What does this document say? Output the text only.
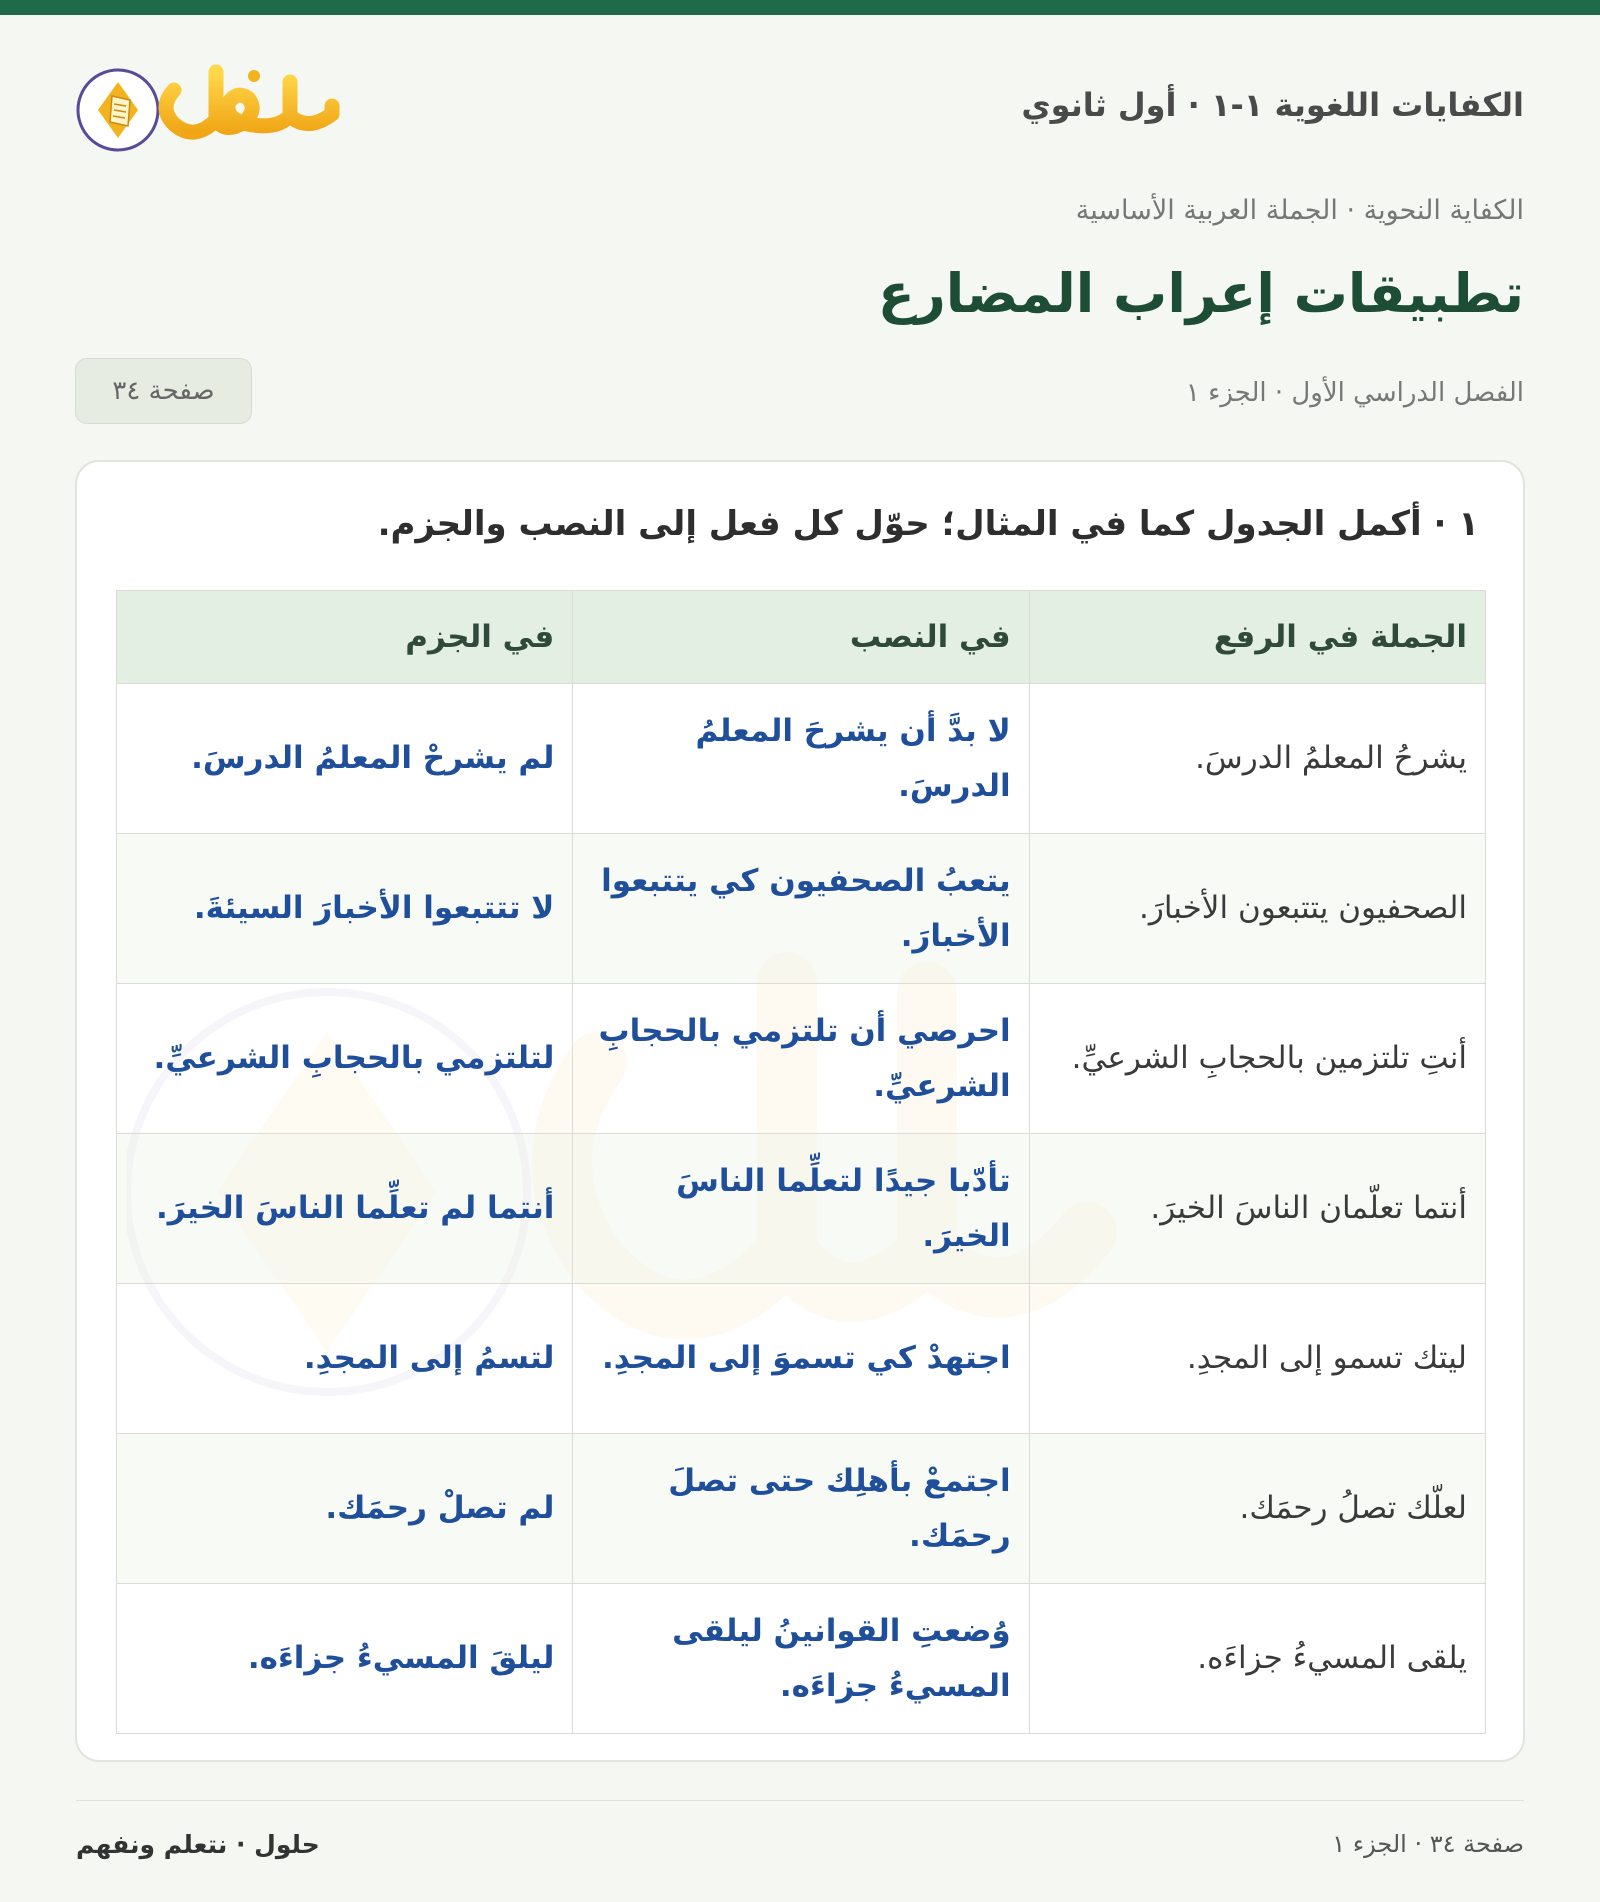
الكفايات اللغوية ١-١ · أول ثانوي
الكفاية النحوية · الجملة العربية الأساسية
تطبيقات إعراب المضارع
الفصل الدراسي الأول · الجزء ١
صفحة ٣٤
١ · أكمل الجدول كما في المثال؛ حوّل كل فعل إلى النصب والجزم.
الجملة في الرفع	في النصب	في الجزم
يشرحُ المعلمُ الدرسَ.	لا بدَّ أن يشرحَ المعلمُ الدرسَ.	لم يشرحْ المعلمُ الدرسَ.
الصحفيون يتتبعون الأخبارَ.	يتعبُ الصحفيون كي يتتبعوا الأخبارَ.	لا تتتبعوا الأخبارَ السيئةَ.
أنتِ تلتزمين بالحجابِ الشرعيِّ.	احرصي أن تلتزمي بالحجابِ الشرعيِّ.	لتلتزمي بالحجابِ الشرعيِّ.
أنتما تعلّمان الناسَ الخيرَ.	تأدّبا جيدًا لتعلِّما الناسَ الخيرَ.	أنتما لم تعلِّما الناسَ الخيرَ.
ليتك تسمو إلى المجدِ.	اجتهدْ كي تسموَ إلى المجدِ.	لتسمُ إلى المجدِ.
لعلّك تصلُ رحمَك.	اجتمعْ بأهلِك حتى تصلَ رحمَك.	لم تصلْ رحمَك.
يلقى المسيءُ جزاءَه.	وُضعتِ القوانينُ ليلقى المسيءُ جزاءَه.	ليلقَ المسيءُ جزاءَه.
صفحة ٣٤ · الجزء ١
حلول · نتعلم ونفهم
